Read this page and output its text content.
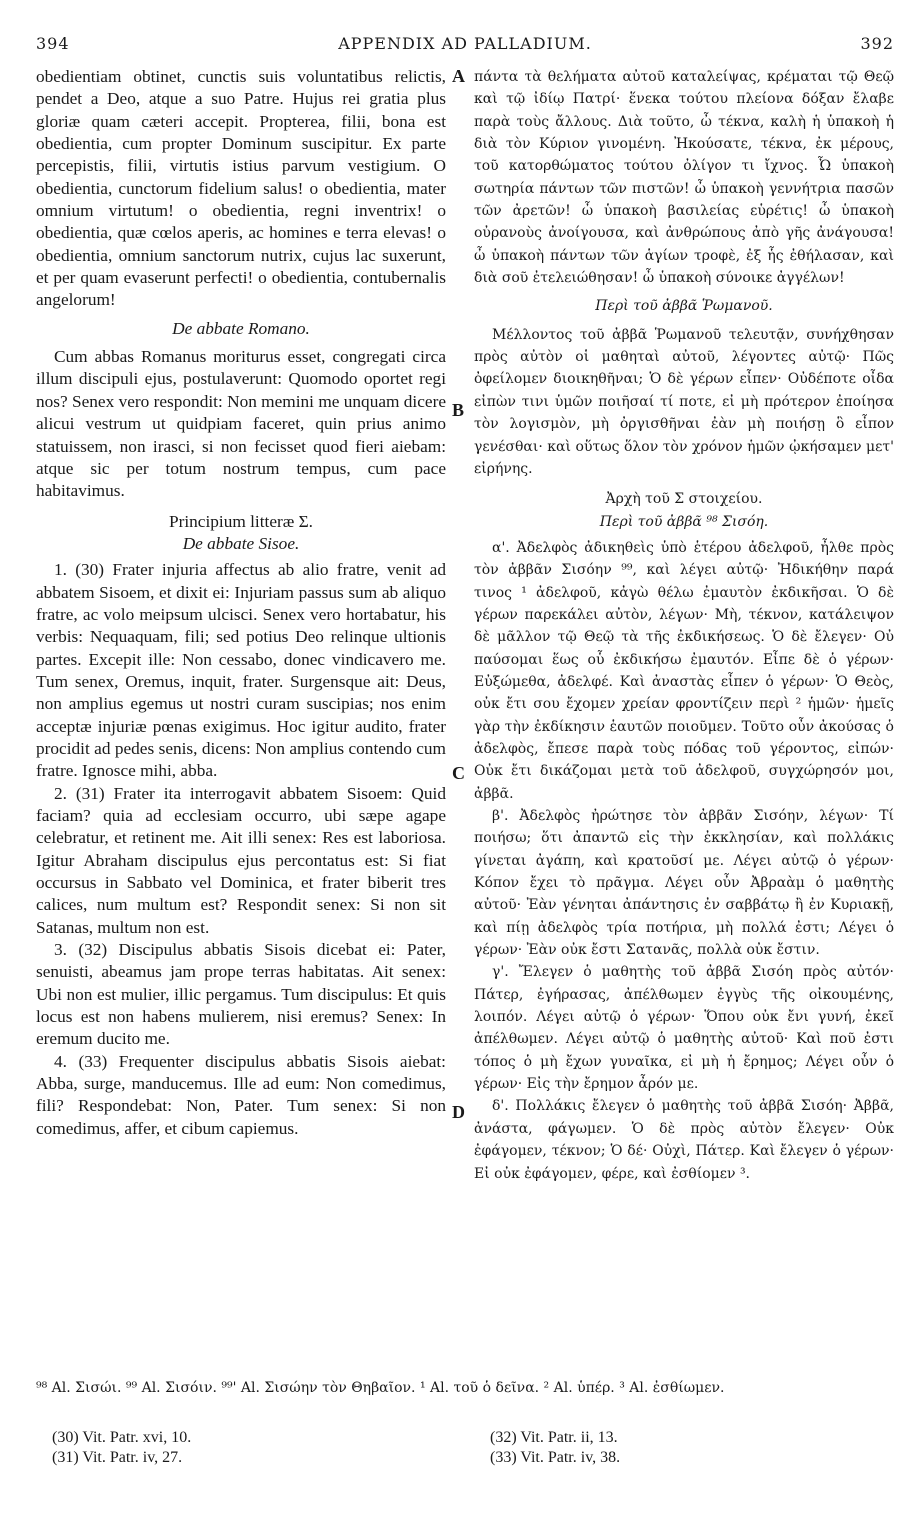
394	APPENDIX AD PALLADIUM.	392

obedientiam obtinet, cunctis suis voluntatibus relictis, pendet a Deo, atque a suo Patre. Hujus rei gratia plus gloriæ quam cæteri accepit. Propterea, filii, bona est obedientia, cum propter Dominum suscipitur. Ex parte percepistis, filii, virtutis istius parvum vestigium. O obedientia, cunctorum fidelium salus! o obedientia, mater omnium virtutum! o obedientia, regni inventrix! o obedientia, quæ cœlos aperis, ac homines e terra elevas! o obedientia, omnium sanctorum nutrix, cujus lac suxerunt, et per quam evaserunt perfecti! o obedientia, contubernalis angelorum!

De abbate Romano.

Cum abbas Romanus moriturus esset, congregati circa illum discipuli ejus, postulaverunt: Quomodo oportet regi nos? Senex vero respondit: Non memini me unquam dicere alicui vestrum ut quidpiam faceret, quin prius animo statuissem, non irasci, si non fecisset quod fieri aiebam: atque sic per totum nostrum tempus, cum pace habitavimus.

Principium litteræ Σ.

De abbate Sisoe.

1. (30) Frater injuria affectus ab alio fratre, venit ad abbatem Sisoem, et dixit ei: Injuriam passus sum ab aliquo fratre, ac volo meipsum ulcisci. Senex vero hortabatur, his verbis: Nequaquam, fili; sed potius Deo relinque ultionis partes. Excepit ille: Non cessabo, donec vindicavero me. Tum senex, Oremus, inquit, frater. Surgensque ait: Deus, non amplius egemus ut nostri curam suscipias; nos enim acceptæ injuriæ pœnas exigimus. Hoc igitur audito, frater procidit ad pedes senis, dicens: Non amplius contendo cum fratre. Ignosce mihi, abba.

2. (31) Frater ita interrogavit abbatem Sisoem: Quid faciam? quia ad ecclesiam occurro, ubi sæpe agape celebratur, et retinent me. Ait illi senex: Res est laboriosa. Igitur Abraham discipulus ejus percontatus est: Si fiat occursus in Sabbato vel Dominica, et frater biberit tres calices, num multum est? Respondit senex: Si non sit Satanas, multum non est.

3. (32) Discipulus abbatis Sisois dicebat ei: Pater, senuisti, abeamus jam prope terras habitatas. Ait senex: Ubi non est mulier, illic pergamus. Tum discipulus: Et quis locus est non habens mulierem, nisi eremus? Senex: In eremum ducito me.

4. (33) Frequenter discipulus abbatis Sisois aiebat: Abba, surge, manducemus. Ille ad eum: Non comedimus, fili? Respondebat: Non, Pater. Tum senex: Si non comedimus, affer, et cibum capiemus.

A
B
C
D

πάντα τὰ θελήματα αὐτοῦ καταλείψας, κρέμαται τῷ Θεῷ καὶ τῷ ἰδίῳ Πατρί· ἕνεκα τούτου πλείονα δόξαν ἔλαβε παρὰ τοὺς ἄλλους. Διὰ τοῦτο, ὦ τέκνα, καλὴ ἡ ὑπακοὴ ἡ διὰ τὸν Κύριον γινομένη. Ἠκούσατε, τέκνα, ἐκ μέρους, τοῦ κατορθώματος τούτου ὀλίγον τι ἴχνος. Ὦ ὑπακοὴ σωτηρία πάντων τῶν πιστῶν! ὦ ὑπακοὴ γεννήτρια πασῶν τῶν ἀρετῶν! ὦ ὑπακοὴ βασιλείας εὑρέτις! ὦ ὑπακοὴ οὐρανοὺς ἀνοίγουσα, καὶ ἀνθρώπους ἀπὸ γῆς ἀνάγουσα! ὦ ὑπακοὴ πάντων τῶν ἁγίων τροφὲ, ἐξ ἧς ἐθήλασαν, καὶ διὰ σοῦ ἐτελειώθησαν! ὦ ὑπακοὴ σύνοικε ἀγγέλων!

Περὶ τοῦ ἀββᾶ Ῥωμανοῦ.

Μέλλοντος τοῦ ἀββᾶ Ῥωμανοῦ τελευτᾷν, συνήχθησαν πρὸς αὐτὸν οἱ μαθηταὶ αὐτοῦ, λέγοντες αὐτῷ· Πῶς ὀφείλομεν διοικηθῆναι; Ὁ δὲ γέρων εἶπεν· Οὐδέποτε οἶδα εἰπὼν τινι ὑμῶν ποιῆσαί τί ποτε, εἰ μὴ πρότερον ἐποίησα τὸν λογισμὸν, μὴ ὀργισθῆναι ἐὰν μὴ ποιήσῃ ὃ εἶπον γενέσθαι· καὶ οὕτως ὅλον τὸν χρόνον ἡμῶν ᾠκήσαμεν μετ' εἰρήνης.

Ἀρχὴ τοῦ Σ στοιχείου.

Περὶ τοῦ ἀββᾶ ⁹⁸ Σισόη.

α'. Ἀδελφὸς ἀδικηθεὶς ὑπὸ ἑτέρου ἀδελφοῦ, ἦλθε πρὸς τὸν ἀββᾶν Σισόην ⁹⁹, καὶ λέγει αὐτῷ· Ἠδικήθην παρά τινος ¹ ἀδελφοῦ, κἀγὼ θέλω ἐμαυτὸν ἐκδικῆσαι. Ὁ δὲ γέρων παρεκάλει αὐτὸν, λέγων· Μὴ, τέκνον, κατάλειψον δὲ μᾶλλον τῷ Θεῷ τὰ τῆς ἐκδικήσεως. Ὁ δὲ ἔλεγεν· Οὐ παύσομαι ἕως οὗ ἐκδικήσω ἐμαυτόν. Εἶπε δὲ ὁ γέρων· Εὐξώμεθα, ἀδελφέ. Καὶ ἀναστὰς εἶπεν ὁ γέρων· Ὁ Θεὸς, οὐκ ἔτι σου ἔχομεν χρείαν φροντίζειν περὶ ² ἡμῶν· ἡμεῖς γὰρ τὴν ἐκδίκησιν ἑαυτῶν ποιοῦμεν. Τοῦτο οὖν ἀκούσας ὁ ἀδελφὸς, ἔπεσε παρὰ τοὺς πόδας τοῦ γέροντος, εἰπών· Οὐκ ἔτι δικάζομαι μετὰ τοῦ ἀδελφοῦ, συγχώρησόν μοι, ἀββᾶ.

β'. Ἀδελφὸς ἠρώτησε τὸν ἀββᾶν Σισόην, λέγων· Τί ποιήσω; ὅτι ἀπαντῶ εἰς τὴν ἐκκλησίαν, καὶ πολλάκις γίνεται ἀγάπη, καὶ κρατοῦσί με. Λέγει αὐτῷ ὁ γέρων· Κόπον ἔχει τὸ πρᾶγμα. Λέγει οὖν Ἀβραὰμ ὁ μαθητὴς αὐτοῦ· Ἐὰν γένηται ἀπάντησις ἐν σαββάτῳ ἢ ἐν Κυριακῇ, καὶ πίῃ ἀδελφὸς τρία ποτήρια, μὴ πολλά ἐστι; Λέγει ὁ γέρων· Ἐὰν οὐκ ἔστι Σατανᾶς, πολλὰ οὐκ ἔστιν.

γ'. Ἔλεγεν ὁ μαθητὴς τοῦ ἀββᾶ Σισόη πρὸς αὐτόν· Πάτερ, ἐγήρασας, ἀπέλθωμεν ἐγγὺς τῆς οἰκουμένης, λοιπόν. Λέγει αὐτῷ ὁ γέρων· Ὅπου οὐκ ἔνι γυνή, ἐκεῖ ἀπέλθωμεν. Λέγει αὐτῷ ὁ μαθητὴς αὐτοῦ· Καὶ ποῦ ἐστι τόπος ὁ μὴ ἔχων γυναῖκα, εἰ μὴ ἡ ἔρημος; Λέγει οὖν ὁ γέρων· Εἰς τὴν ἔρημον ἆρόν με.

δ'. Πολλάκις ἔλεγεν ὁ μαθητὴς τοῦ ἀββᾶ Σισόη· Ἀββᾶ, ἀνάστα, φάγωμεν. Ὁ δὲ πρὸς αὐτὸν ἔλεγεν· Οὐκ ἐφάγομεν, τέκνον; Ὁ δέ· Οὐχὶ, Πάτερ. Καὶ ἔλεγεν ὁ γέρων· Εἰ οὐκ ἐφάγομεν, φέρε, καὶ ἐσθίομεν ³.

⁹⁸ Al. Σισώι. ⁹⁹ Al. Σισόιν. ⁹⁹' Al. Σισώην τὸν Θηβαῖον. ¹ Al. τοῦ ὁ δεῖνα. ² Al. ὑπέρ. ³ Al. ἐσθίωμεν.
(30) Vit. Patr. xvi, 10.
(31) Vit. Patr. iv, 27.
(32) Vit. Patr. ii, 13.
(33) Vit. Patr. iv, 38.
